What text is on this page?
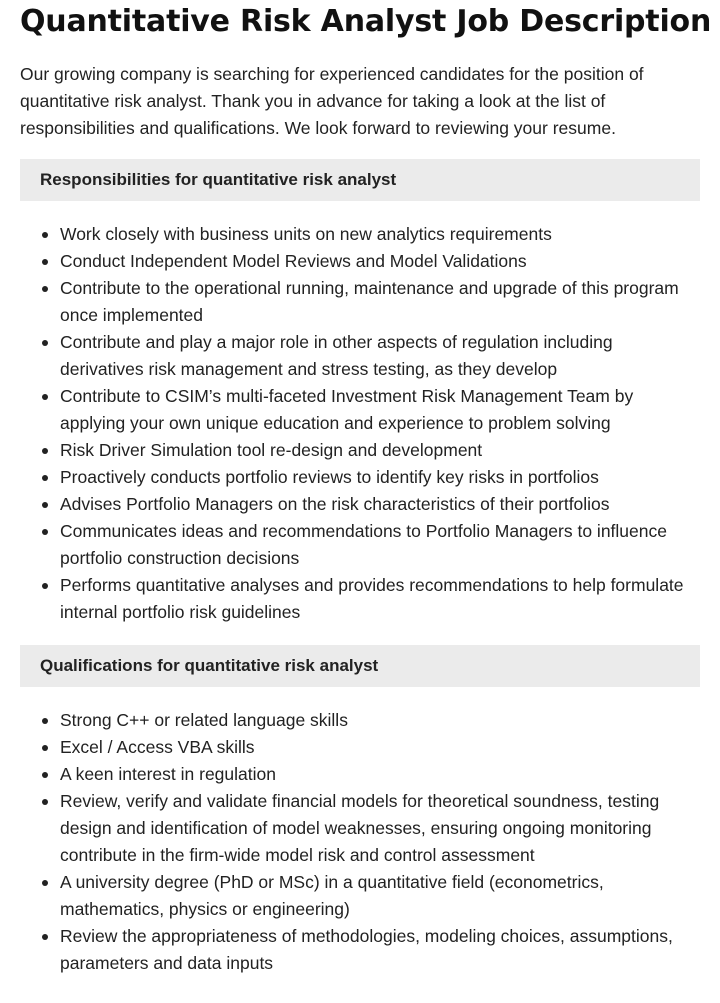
Quantitative Risk Analyst Job Description

Our growing company is searching for experienced candidates for the position of quantitative risk analyst. Thank you in advance for taking a look at the list of responsibilities and qualifications. We look forward to reviewing your resume.

Responsibilities for quantitative risk analyst
Work closely with business units on new analytics requirements
Conduct Independent Model Reviews and Model Validations
Contribute to the operational running, maintenance and upgrade of this program once implemented
Contribute and play a major role in other aspects of regulation including derivatives risk management and stress testing, as they develop
Contribute to CSIM’s multi-faceted Investment Risk Management Team by applying your own unique education and experience to problem solving
Risk Driver Simulation tool re-design and development
Proactively conducts portfolio reviews to identify key risks in portfolios
Advises Portfolio Managers on the risk characteristics of their portfolios
Communicates ideas and recommendations to Portfolio Managers to influence portfolio construction decisions
Performs quantitative analyses and provides recommendations to help formulate internal portfolio risk guidelines
Qualifications for quantitative risk analyst
Strong C++ or related language skills
Excel / Access VBA skills
A keen interest in regulation
Review, verify and validate financial models for theoretical soundness, testing design and identification of model weaknesses, ensuring ongoing monitoring contribute in the firm-wide model risk and control assessment
A university degree (PhD or MSc) in a quantitative field (econometrics, mathematics, physics or engineering)
Review the appropriateness of methodologies, modeling choices, assumptions, parameters and data inputs
